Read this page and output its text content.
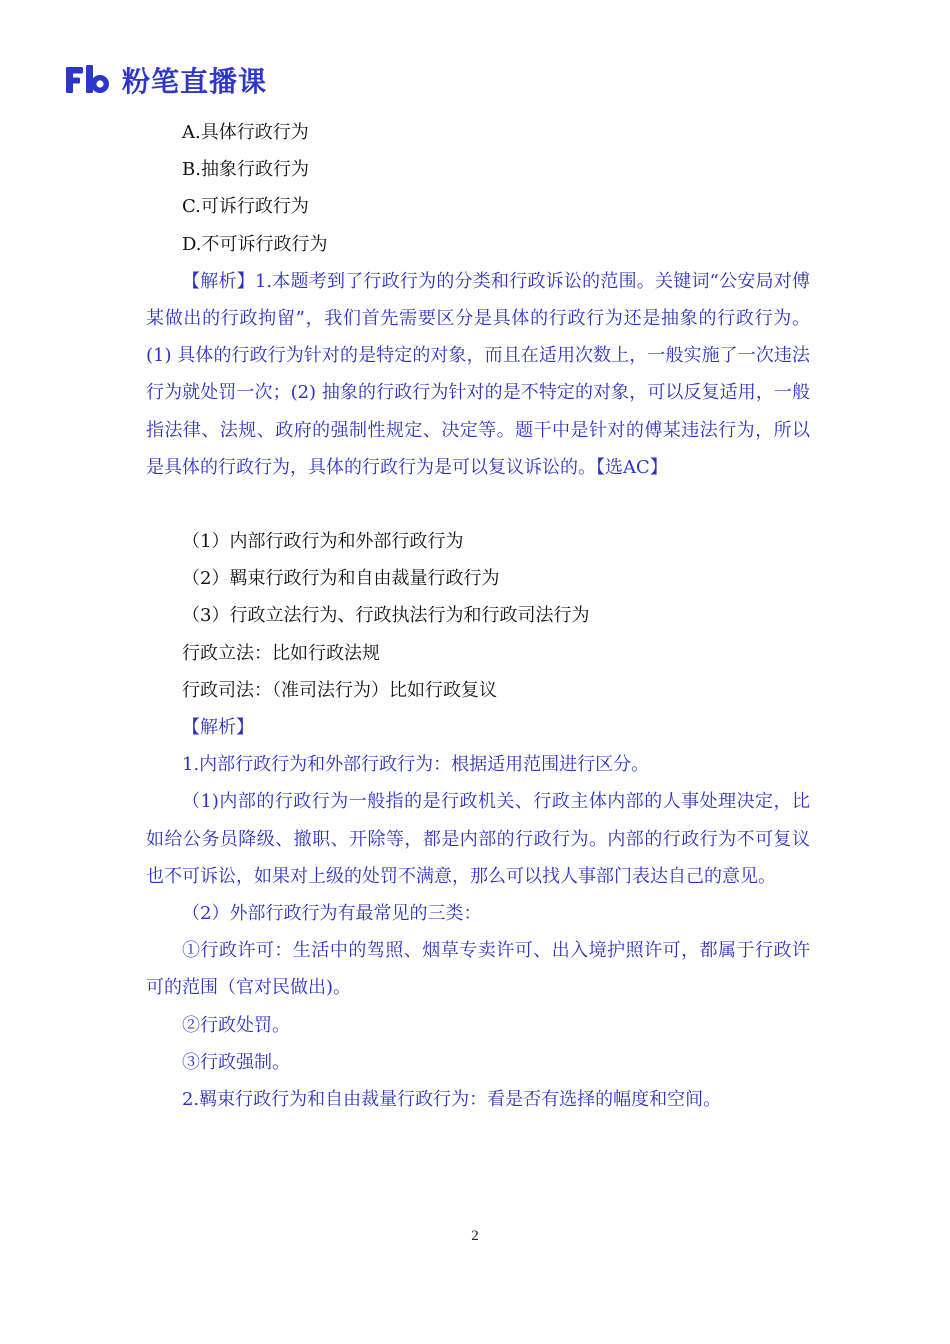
粉笔直播课
A.具体行政行为
B.抽象行政行为
C.可诉行政行为
D.不可诉行政行为
【解析】1.本题考到了行政行为的分类和行政诉讼的范围。关键词“公安局对傅某做出的行政拘留”，我们首先需要区分是具体的行政行为还是抽象的行政行为。(1) 具体的行政行为针对的是特定的对象，而且在适用次数上，一般实施了一次违法行为就处罚一次；(2) 抽象的行政行为针对的是不特定的对象，可以反复适用，一般指法律、法规、政府的强制性规定、决定等。题干中是针对的傅某违法行为，所以是具体的行政行为，具体的行政行为是可以复议诉讼的。【选AC】
（1）内部行政行为和外部行政行为
（2）羁束行政行为和自由裁量行政行为
（3）行政立法行为、行政执法行为和行政司法行为
行政立法：比如行政法规
行政司法：（准司法行为）比如行政复议
【解析】
1.内部行政行为和外部行政行为：根据适用范围进行区分。
（1)内部的行政行为一般指的是行政机关、行政主体内部的人事处理决定，比如给公务员降级、撤职、开除等，都是内部的行政行为。内部的行政行为不可复议也不可诉讼，如果对上级的处罚不满意，那么可以找人事部门表达自己的意见。
（2）外部行政行为有最常见的三类：
①行政许可：生活中的驾照、烟草专卖许可、出入境护照许可，都属于行政许可的范围（官对民做出)。
②行政处罚。
③行政强制。
2.羁束行政行为和自由裁量行政行为：看是否有选择的幅度和空间。
2
